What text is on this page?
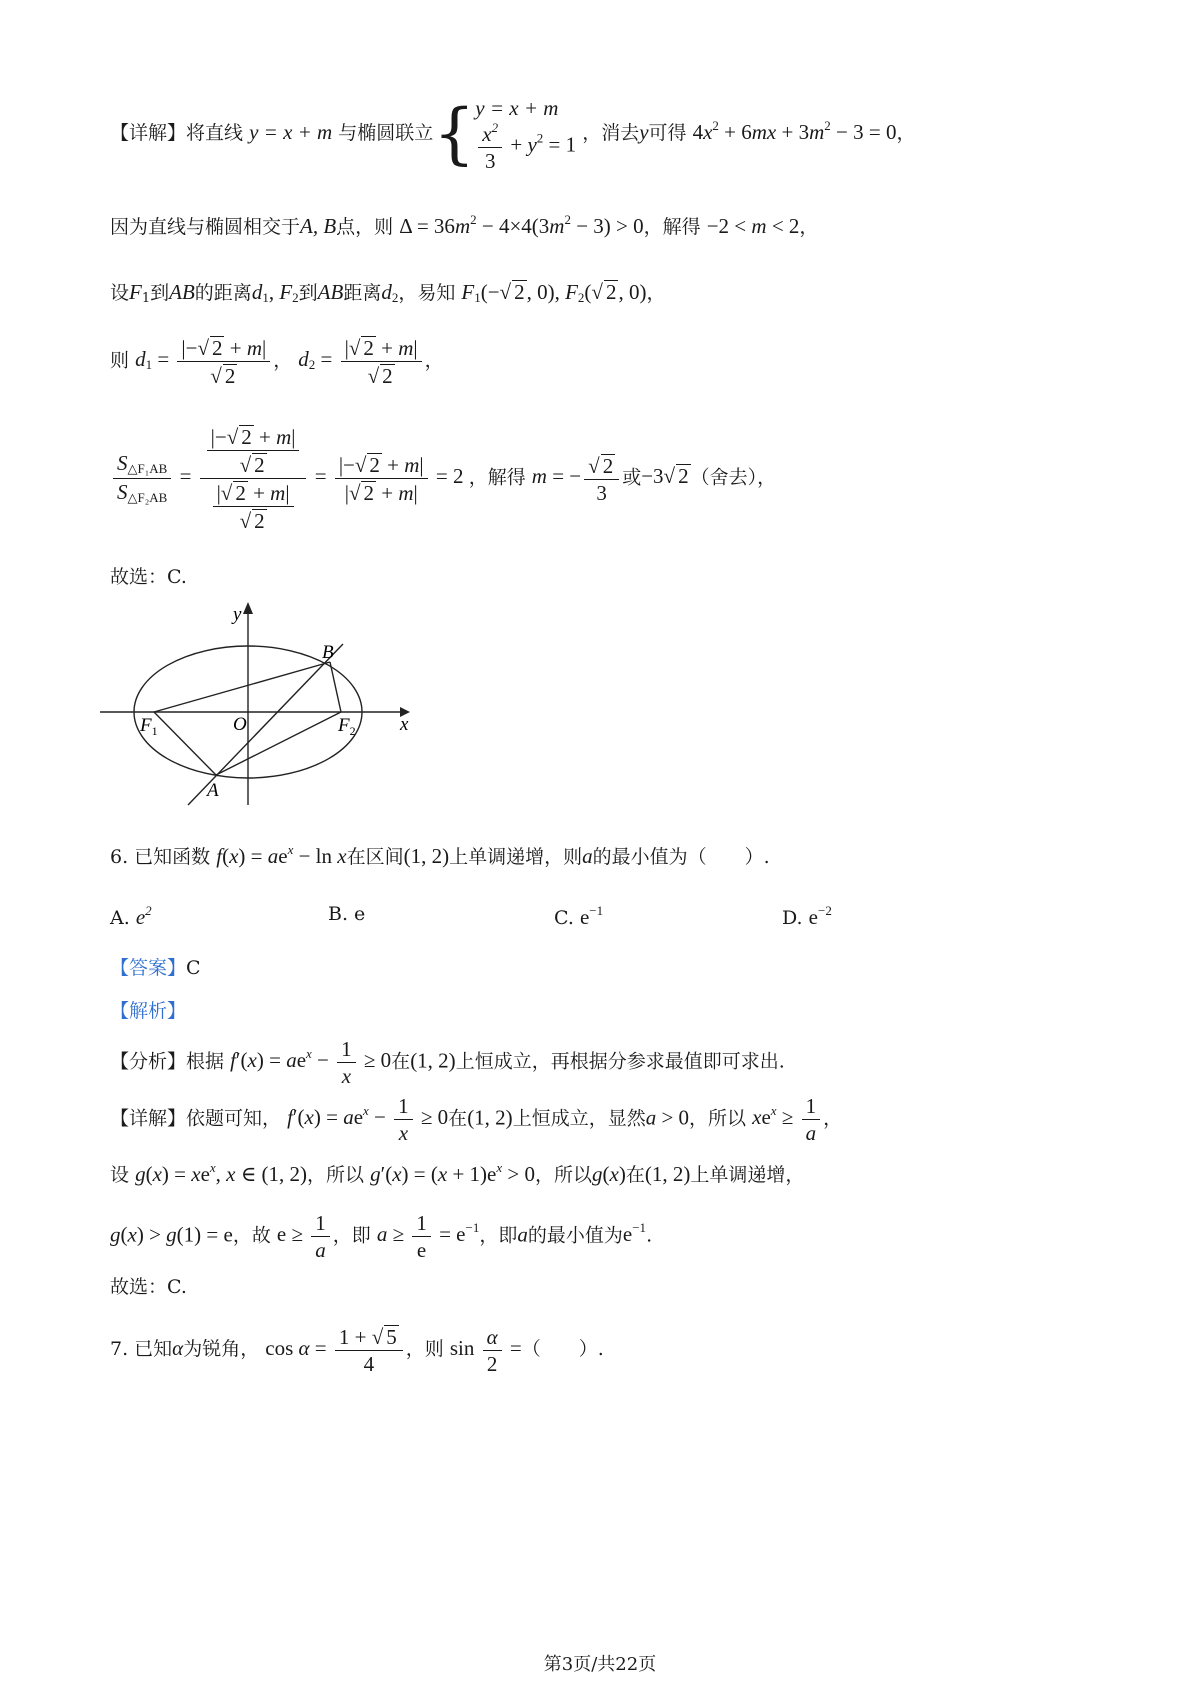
【详解】将直线 y = x + m 与椭圆联立{ y = x + m
$\frac{x^2}{3} + y^2 = 1$ ，消去y可得 $4x^2 + 6mx + 3m^2 - 3 = 0$，
因为直线与椭圆相交于A, B点，则 $\Delta = 36m^2 - 4\times 4(3m^2 - 3) > 0$，解得 −2 < m < 2，
设$F_1$到AB的距离$d_1$, $F_2$到AB距离$d_2$，易知 $F_1(-√$ 2, 0), $F_2(√$ 2, 0)，
则 $d_1 = \frac{|-√ 2 + m|}{√ 2}$ ， $d_2 = \frac{|√ 2 + m|}{√ 2}$ ，
$\frac{S_{\triangle F_1AB}}{S_{\triangle F_2AB}} = \frac{\frac{|-√ 2 + m|}{√ 2}}{\frac{|√ 2 + m|}{√ 2}} = \frac{|-√ 2 + m|}{|√ 2 + m|} = 2$ ，解得 m = − $\frac{√ 2}{3}$ 或−3√ 2 （舍去），
故选：C.
y
x
O
B
A
$F_1$	$F_2$
6. 已知函数 $f(x) = ae^x - \ln x$在区间(1, 2)上单调递增，则a的最小值为（　　）.
A. $e^2$	B. e	C. $e^{-1}$	D. $e^{-2}$
【答案】C
【解析】
【分析】根据 $f'(x) = ae^x - \frac{1}{x} \ge 0$在(1, 2)上恒成立，再根据分参求最值即可求出.
【详解】依题可知， $f'(x) = ae^x - \frac{1}{x} \ge 0$在(1, 2)上恒成立，显然a > 0，所以 $xe^x \ge \frac{1}{a}$ ，
设 $g(x) = xe^x$, x ∈ (1, 2)，所以 $g'(x) = (x + 1)e^x > 0$，所以g(x)在(1, 2)上单调递增，
g(x) > g(1) = e，故 $e \ge \frac{1}{a}$ ，即 $a \ge \frac{1}{e} = e^{-1}$，即a的最小值为$e^{-1}$.
故选：C.
7. 已知α为锐角， $\cos \alpha = \frac{1 + √ 5}{4}$ ，则 $\sin \frac{\alpha}{2}$ =（　　）.
第3页/共22页
